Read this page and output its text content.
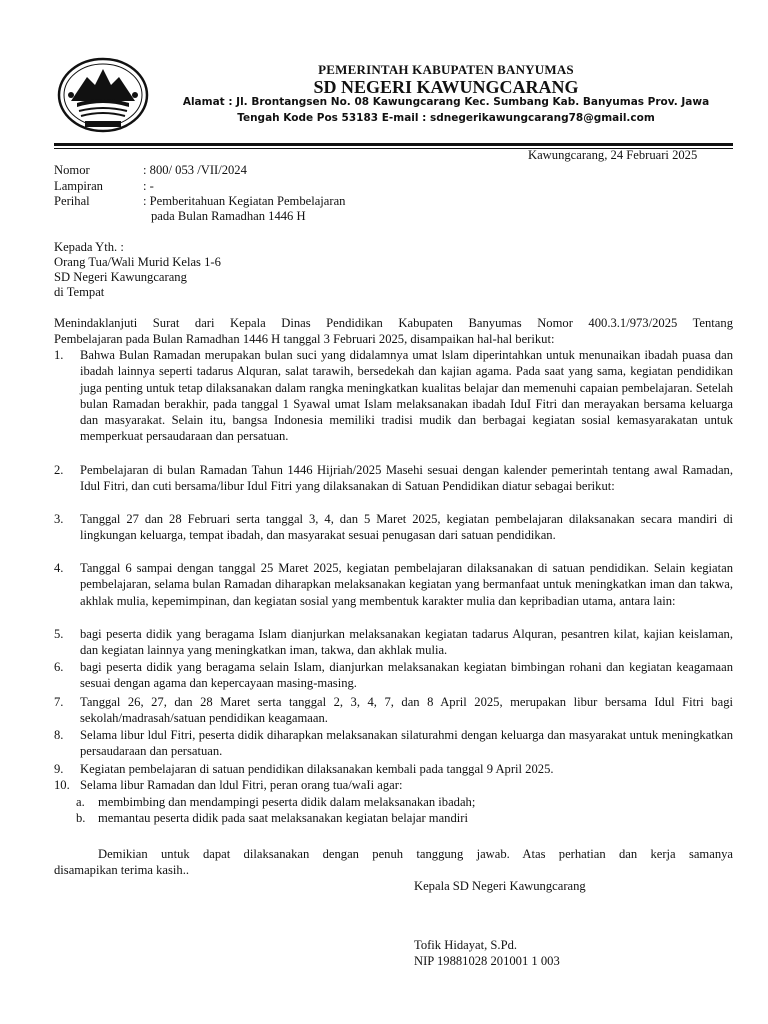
PEMERINTAH KABUPATEN BANYUMAS
SD NEGERI KAWUNGCARANG
Alamat : Jl. Brontangsen No. 08 Kawungcarang Kec. Sumbang Kab. Banyumas Prov. Jawa
Tengah Kode Pos 53183 E-mail : sdnegerikawungcarang78@gmail.com
Kawungcarang, 24 Februari 2025
Nomor	: 800/ 053 /VII/2024
Lampiran	: -
Perihal	: Pemberitahuan Kegiatan Pembelajaran
pada Bulan Ramadhan 1446 H
Kepada Yth. :
Orang Tua/Wali Murid Kelas 1-6
SD Negeri Kawungcarang
di Tempat
Menindaklanjuti Surat dari Kepala Dinas Pendidikan Kabupaten Banyumas Nomor 400.3.1/973/2025 Tentang
Pembelajaran pada Bulan Ramadhan 1446 H tanggal 3 Februari 2025, disampaikan hal-hal berikut:
1. Bahwa Bulan Ramadan merupakan bulan suci yang didalamnya umat lslam diperintahkan untuk menunaikan ibadah puasa dan ibadah lainnya seperti tadarus Alquran, salat tarawih, bersedekah dan kajian agama. Pada saat yang sama, kegiatan pendidikan juga penting untuk tetap dilaksanakan dalam rangka meningkatkan kualitas belajar dan memenuhi capaian pembelajaran. Setelah bulan Ramadan berakhir, pada tanggal 1 Syawal umat Islam melaksanakan ibadah IduI Fitri dan merayakan bersama keluarga dan masyarakat. Selain itu, bangsa Indonesia memiliki tradisi mudik dan berbagai kegiatan sosial kemasyarakatan untuk memperkuat persaudaraan dan persatuan.
2. Pembelajaran di bulan Ramadan Tahun 1446 Hijriah/2025 Masehi sesuai dengan kalender pemerintah tentang awal Ramadan, Idul Fitri, dan cuti bersama/libur Idul Fitri yang dilaksanakan di Satuan Pendidikan diatur sebagai berikut:
3. Tanggal 27 dan 28 Februari serta tanggal 3, 4, dan 5 Maret 2025, kegiatan pembelajaran dilaksanakan secara mandiri di lingkungan keluarga, tempat ibadah, dan masyarakat sesuai penugasan dari satuan pendidikan.
4. Tanggal 6 sampai dengan tanggal 25 Maret 2025, kegiatan pembelajaran dilaksanakan di satuan pendidikan. Selain kegiatan pembelajaran, selama bulan Ramadan diharapkan melaksanakan kegiatan yang bermanfaat untuk meningkatkan iman dan takwa, akhlak mulia, kepemimpinan, dan kegiatan sosial yang membentuk karakter mulia dan kepribadian utama, antara lain:
5. bagi peserta didik yang beragama Islam dianjurkan melaksanakan kegiatan tadarus Alquran, pesantren kilat, kajian keislaman, dan kegiatan lainnya yang meningkatkan iman, takwa, dan akhlak mulia.
6. bagi peserta didik yang beragama selain Islam, dianjurkan melaksanakan kegiatan bimbingan rohani dan kegiatan keagamaan sesuai dengan agama dan kepercayaan masing-masing.
7. Tanggal 26, 27, dan 28 Maret serta tanggal 2, 3, 4, 7, dan 8 April 2025, merupakan libur bersama Idul Fitri bagi sekolah/madrasah/satuan pendidikan keagamaan.
8. Selama libur ldul Fitri, peserta didik diharapkan melaksanakan silaturahmi dengan keluarga dan masyarakat untuk meningkatkan persaudaraan dan persatuan.
9. Kegiatan pembelajaran di satuan pendidikan dilaksanakan kembali pada tanggal 9 April 2025.
10. Selama libur Ramadan dan ldul Fitri, peran orang tua/waIi agar:
a. membimbing dan mendampingi peserta didik dalam melaksanakan ibadah;
b. memantau peserta didik pada saat melaksanakan kegiatan belajar mandiri
Demikian untuk dapat dilaksanakan dengan penuh tanggung jawab. Atas perhatian dan kerja samanya
disamapikan terima kasih..
Kepala SD Negeri Kawungcarang
Tofik Hidayat, S.Pd.
NIP 19881028 201001 1 003
